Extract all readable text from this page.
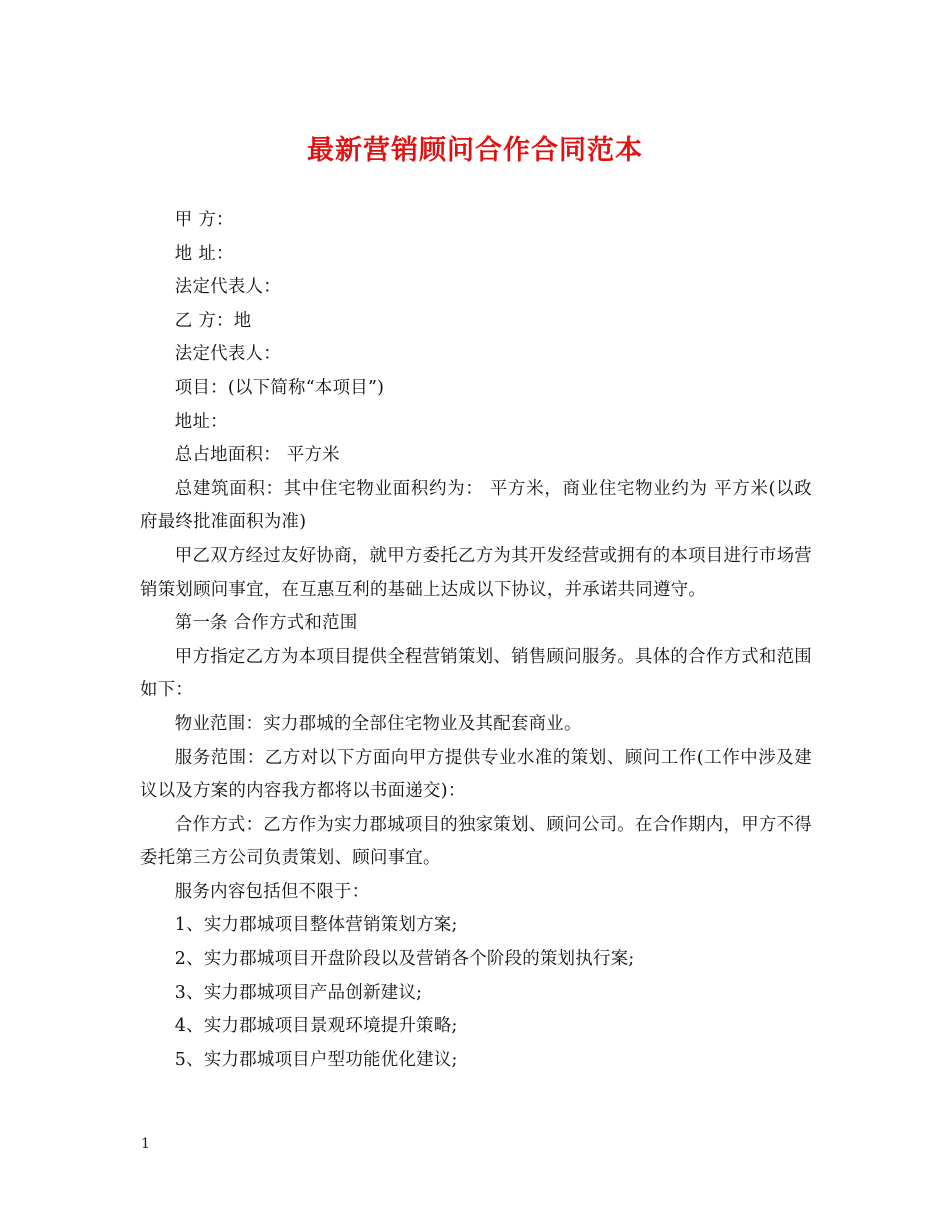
最新营销顾问合作合同范本

甲 方：

地 址：

法定代表人：

乙 方：地

法定代表人：

项目：(以下简称“本项目”)

地址：

总占地面积： 平方米

总建筑面积：其中住宅物业面积约为： 平方米，商业住宅物业约为 平方米(以政府最终批准面积为准)

甲乙双方经过友好协商，就甲方委托乙方为其开发经营或拥有的本项目进行市场营销策划顾问事宜，在互惠互利的基础上达成以下协议，并承诺共同遵守。

第一条 合作方式和范围

甲方指定乙方为本项目提供全程营销策划、销售顾问服务。具体的合作方式和范围如下：

物业范围：实力郡城的全部住宅物业及其配套商业。

服务范围：乙方对以下方面向甲方提供专业水准的策划、顾问工作(工作中涉及建议以及方案的内容我方都将以书面递交)：

合作方式：乙方作为实力郡城项目的独家策划、顾问公司。在合作期内，甲方不得委托第三方公司负责策划、顾问事宜。

服务内容包括但不限于：

1、实力郡城项目整体营销策划方案;

2、实力郡城项目开盘阶段以及营销各个阶段的策划执行案;

3、实力郡城项目产品创新建议;

4、实力郡城项目景观环境提升策略;

5、实力郡城项目户型功能优化建议;

1
